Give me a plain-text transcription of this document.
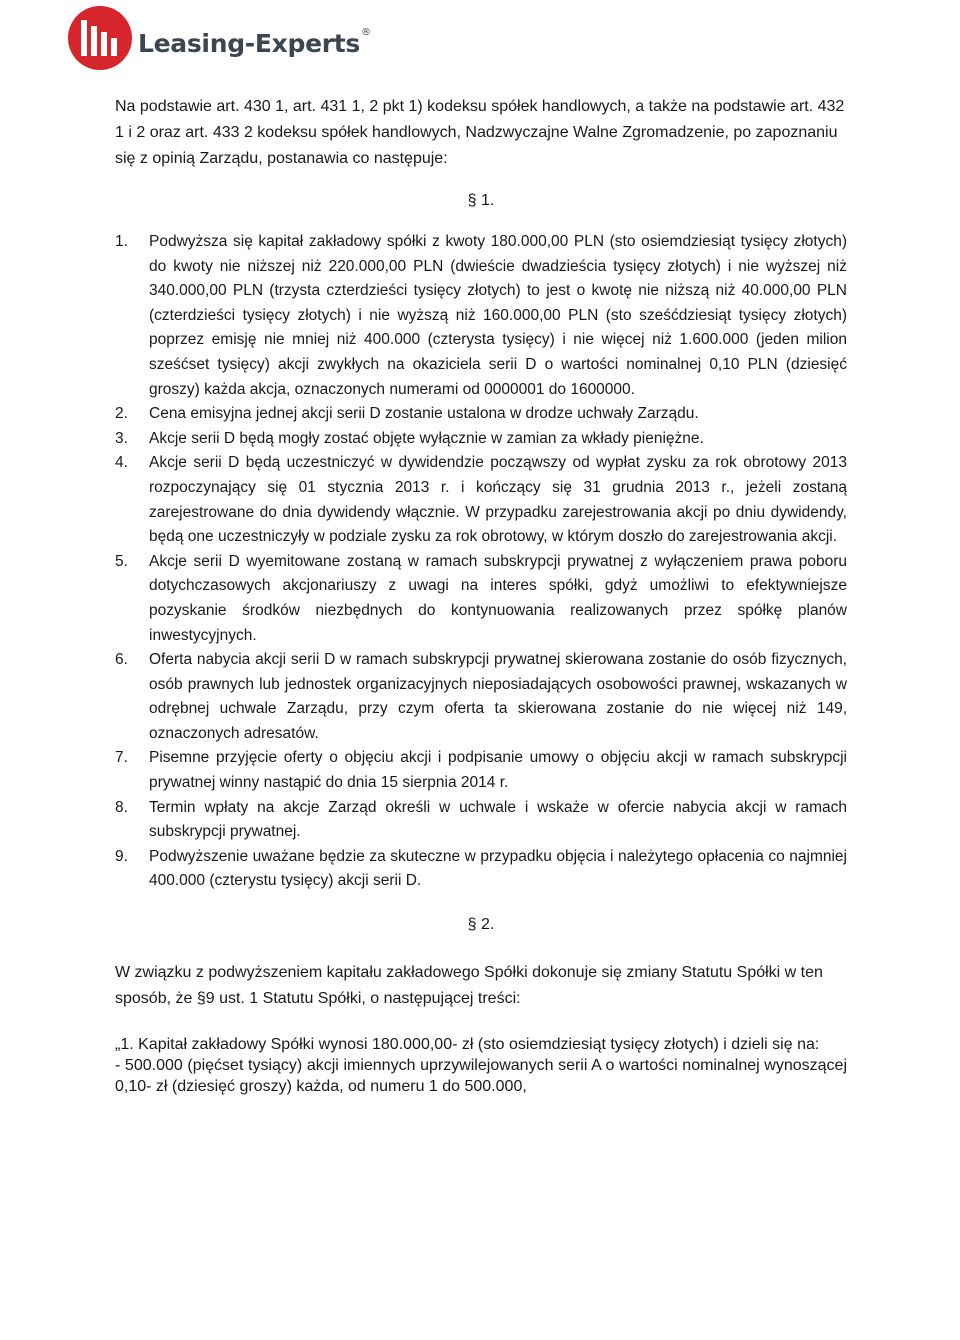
Leasing-Experts®

Na podstawie art. 430 1, art. 431 1, 2 pkt 1) kodeksu spółek handlowych, a także na podstawie art. 432 1 i 2 oraz art. 433 2 kodeksu spółek handlowych, Nadzwyczajne Walne Zgromadzenie, po zapoznaniu się z opinią Zarządu, postanawia co następuje:

§ 1.

1.	Podwyższa się kapitał zakładowy spółki z kwoty 180.000,00 PLN (sto osiemdziesiąt tysięcy złotych) do kwoty nie niższej niż 220.000,00 PLN (dwieście dwadzieścia tysięcy złotych) i nie wyższej niż 340.000,00 PLN (trzysta czterdzieści tysięcy złotych) to jest o kwotę nie niższą niż 40.000,00 PLN (czterdzieści tysięcy złotych) i nie wyższą niż 160.000,00 PLN (sto sześćdziesiąt tysięcy złotych) poprzez emisję nie mniej niż 400.000 (czterysta tysięcy) i nie więcej niż 1.600.000 (jeden milion sześćset tysięcy) akcji zwykłych na okaziciela serii D o wartości nominalnej 0,10 PLN (dziesięć groszy) każda akcja, oznaczonych numerami od 0000001 do 1600000.
2.	Cena emisyjna jednej akcji serii D zostanie ustalona w drodze uchwały Zarządu.
3.	Akcje serii D będą mogły zostać objęte wyłącznie w zamian za wkłady pieniężne.
4.	Akcje serii D będą uczestniczyć w dywidendzie począwszy od wypłat zysku za rok obrotowy 2013 rozpoczynający się 01 stycznia 2013 r. i kończący się 31 grudnia 2013 r., jeżeli zostaną zarejestrowane do dnia dywidendy włącznie. W przypadku zarejestrowania akcji po dniu dywidendy, będą one uczestniczyły w podziale zysku za rok obrotowy, w którym doszło do zarejestrowania akcji.
5.	Akcje serii D wyemitowane zostaną w ramach subskrypcji prywatnej z wyłączeniem prawa poboru dotychczasowych akcjonariuszy z uwagi na interes spółki, gdyż umożliwi to efektywniejsze pozyskanie środków niezbędnych do kontynuowania realizowanych przez spółkę planów inwestycyjnych.
6.	Oferta nabycia akcji serii D w ramach subskrypcji prywatnej skierowana zostanie do osób fizycznych, osób prawnych lub jednostek organizacyjnych nieposiadających osobowości prawnej, wskazanych w odrębnej uchwale Zarządu, przy czym oferta ta skierowana zostanie do nie więcej niż 149, oznaczonych adresatów.
7.	Pisemne przyjęcie oferty o objęciu akcji i podpisanie umowy o objęciu akcji w ramach subskrypcji prywatnej winny nastąpić do dnia 15 sierpnia 2014 r.
8.	Termin wpłaty na akcje Zarząd określi w uchwale i wskaże w ofercie nabycia akcji w ramach subskrypcji prywatnej.
9.	Podwyższenie uważane będzie za skuteczne w przypadku objęcia i należytego opłacenia co najmniej 400.000 (czterystu tysięcy) akcji serii D.

§ 2.

W związku z podwyższeniem kapitału zakładowego Spółki dokonuje się zmiany Statutu Spółki w ten sposób, że §9 ust. 1 Statutu Spółki, o następującej treści:

„1. Kapitał zakładowy Spółki wynosi 180.000,00- zł (sto osiemdziesiąt tysięcy złotych) i dzieli się na:

- 500.000 (pięćset tysiący) akcji imiennych uprzywilejowanych serii A o wartości nominalnej wynoszącej 0,10- zł (dziesięć groszy) każda, od numeru 1 do 500.000,
